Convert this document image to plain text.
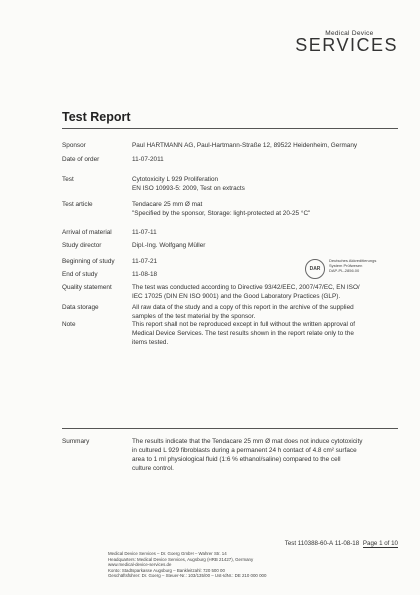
Medical Device
SERVICES
Test Report
Sponsor	Paul HARTMANN AG, Paul-Hartmann-Straße 12, 89522 Heidenheim, Germany
Date of order	11-07-2011
Test	Cytotoxicity L 929 Proliferation
EN ISO 10993-5: 2009, Test on extracts
Test article	Tendacare 25 mm Ø mat
"Specified by the sponsor, Storage: light-protected at 20-25 °C"
Arrival of material	11-07-11
Study director	Dipl.-Ing. Wolfgang Müller
Beginning of study	11-07-21
End of study	11-08-18
Quality statement	The test was conducted according to Directive 93/42/EEC, 2007/47/EC, EN ISO/
IEC 17025 (DIN EN ISO 9001) and the Good Laboratory Practices (GLP).
Data storage	All raw data of the study and a copy of this report in the archive of the supplied
samples of the test material by the sponsor.
Note	This report shall not be reproduced except in full without the written approval of
Medical Device Services. The test results shown in the report relate only to the
items tested.
Summary	The results indicate that the Tendacare 25 mm Ø mat does not induce cytotoxicity
in cultured L 929 fibroblasts during a permanent 24 h contact of 4.8 cm² surface
area to 1 ml physiological fluid (1:6 % ethanol/saline) compared to the cell
culture control.
DAR
Deutsches Akkreditierungs
System Prüfwesen
DAP-PL-2856.00
Test 110388-60-A 11-08-18 Page 1 of 10
Medical Device Services – Dr. Goerg GmbH – Wahrer Str. 14
Headquarters: Medical Device Services, Augsburg (HRB 21427), Germany
www.medical-device-services.de
Konto: Stadtsparkasse Augsburg – Bankleitzahl: 720 500 00
Geschäftsführer: Dr. Goerg – Steuer-Nr.: 103/135/00 – Ust-IdNr.: DE 210 000 000
